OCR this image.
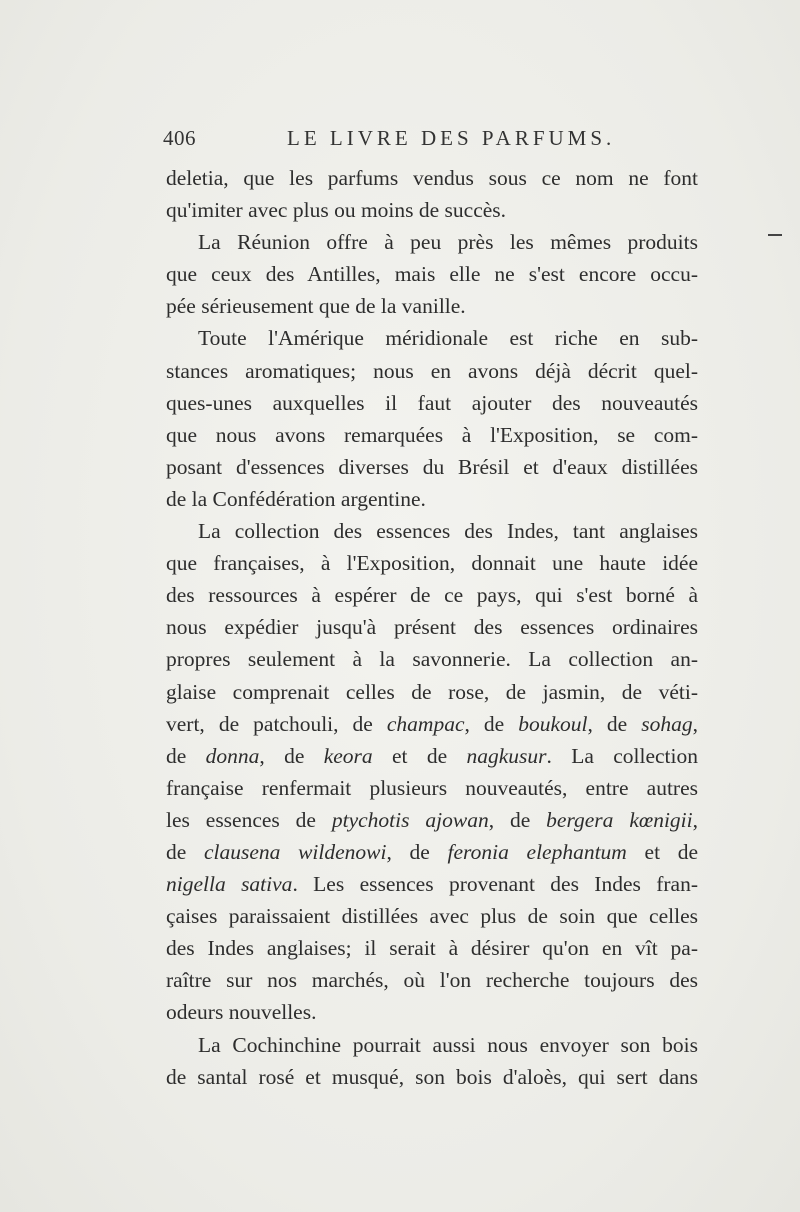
406	LE LIVRE DES PARFUMS.
deletia, que les parfums vendus sous ce nom ne font
qu'imiter avec plus ou moins de succès.
La Réunion offre à peu près les mêmes produits
que ceux des Antilles, mais elle ne s'est encore occu-
pée sérieusement que de la vanille.
Toute l'Amérique méridionale est riche en sub-
stances aromatiques; nous en avons déjà décrit quel-
ques-unes auxquelles il faut ajouter des nouveautés
que nous avons remarquées à l'Exposition, se com-
posant d'essences diverses du Brésil et d'eaux distillées
de la Confédération argentine.
La collection des essences des Indes, tant anglaises
que françaises, à l'Exposition, donnait une haute idée
des ressources à espérer de ce pays, qui s'est borné à
nous expédier jusqu'à présent des essences ordinaires
propres seulement à la savonnerie. La collection an-
glaise comprenait celles de rose, de jasmin, de véti-
vert, de patchouli, de champac, de boukoul, de sohag,
de donna, de keora et de nagkusur. La collection
française renfermait plusieurs nouveautés, entre autres
les essences de ptychotis ajowan, de bergera kœnigii,
de clausena wildenowi, de feronia elephantum et de
nigella sativa. Les essences provenant des Indes fran-
çaises paraissaient distillées avec plus de soin que celles
des Indes anglaises; il serait à désirer qu'on en vît pa-
raître sur nos marchés, où l'on recherche toujours des
odeurs nouvelles.
La Cochinchine pourrait aussi nous envoyer son bois
de santal rosé et musqué, son bois d'aloès, qui sert dans
